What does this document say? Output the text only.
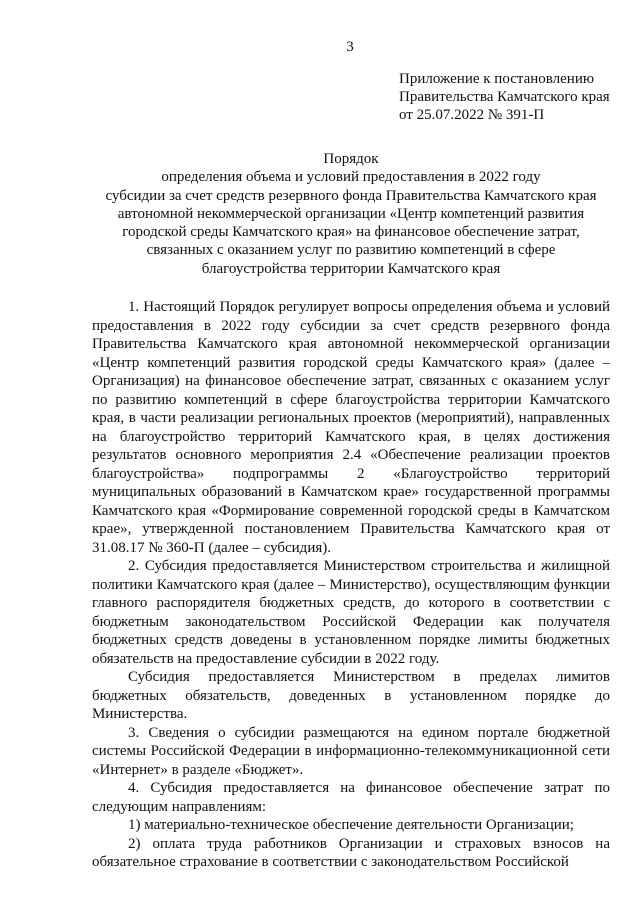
3
Приложение к постановлению
Правительства Камчатского края
от 25.07.2022 № 391-П
Порядок
определения объема и условий предоставления в 2022 году
субсидии за счет средств резервного фонда Правительства Камчатского края
автономной некоммерческой организации «Центр компетенций развития
городской среды Камчатского края» на финансовое обеспечение затрат,
связанных с оказанием услуг по развитию компетенций в сфере
благоустройства территории Камчатского края

1. Настоящий Порядок регулирует вопросы определения объема и условий предоставления в 2022 году субсидии за счет средств резервного фонда Правительства Камчатского края автономной некоммерческой организации «Центр компетенций развития городской среды Камчатского края» (далее – Организация) на финансовое обеспечение затрат, связанных с оказанием услуг по развитию компетенций в сфере благоустройства территории Камчатского края, в части реализации региональных проектов (мероприятий), направленных на благоустройство территорий Камчатского края, в целях достижения результатов основного мероприятия 2.4 «Обеспечение реализации проектов благоустройства» подпрограммы 2 «Благоустройство территорий муниципальных образований в Камчатском крае» государственной программы Камчатского края «Формирование современной городской среды в Камчатском крае», утвержденной постановлением Правительства Камчатского края от 31.08.17 № 360-П (далее – субсидия).

2. Субсидия предоставляется Министерством строительства и жилищной политики Камчатского края (далее – Министерство), осуществляющим функции главного распорядителя бюджетных средств, до которого в соответствии с бюджетным законодательством Российской Федерации как получателя бюджетных средств доведены в установленном порядке лимиты бюджетных обязательств на предоставление субсидии в 2022 году.

Субсидия предоставляется Министерством в пределах лимитов бюджетных обязательств, доведенных в установленном порядке до Министерства.

3. Сведения о субсидии размещаются на едином портале бюджетной системы Российской Федерации в информационно-телекоммуникационной сети «Интернет» в разделе «Бюджет».

4. Субсидия предоставляется на финансовое обеспечение затрат по следующим направлениям:

1) материально-техническое обеспечение деятельности Организации;

2) оплата труда работников Организации и страховых взносов на обязательное страхование в соответствии с законодательством Российской
